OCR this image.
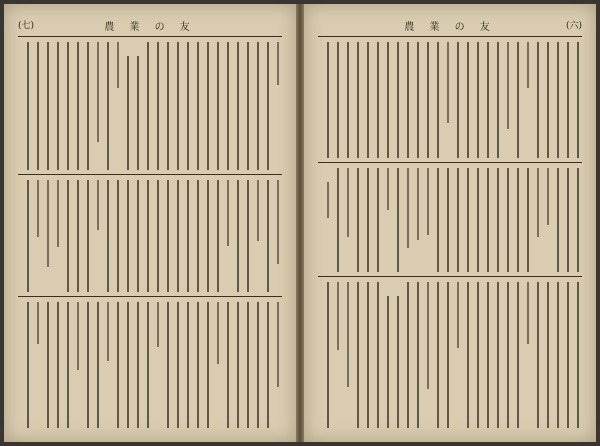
(七)	農 業 の 友	農 業 の 友	(六)
